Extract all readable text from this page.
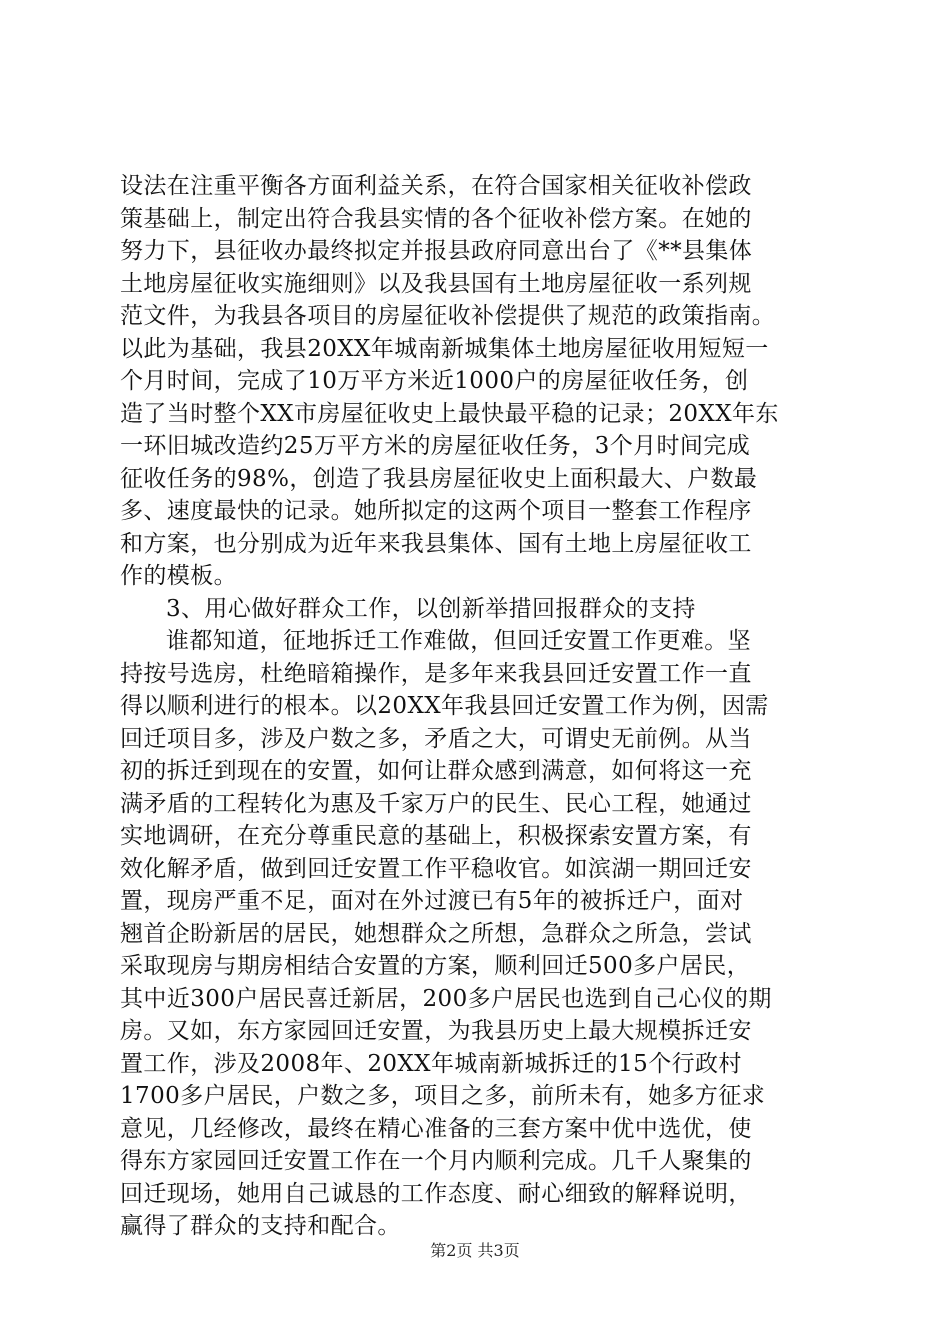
设法在注重平衡各方面利益关系，在符合国家相关征收补偿政
策基础上，制定出符合我县实情的各个征收补偿方案。在她的
努力下，县征收办最终拟定并报县政府同意出台了《**县集体
土地房屋征收实施细则》以及我县国有土地房屋征收一系列规
范文件，为我县各项目的房屋征收补偿提供了规范的政策指南。
以此为基础，我县20XX年城南新城集体土地房屋征收用短短一
个月时间，完成了10万平方米近1000户的房屋征收任务，创
造了当时整个XX市房屋征收史上最快最平稳的记录；20XX年东
一环旧城改造约25万平方米的房屋征收任务，3个月时间完成
征收任务的98%，创造了我县房屋征收史上面积最大、户数最
多、速度最快的记录。她所拟定的这两个项目一整套工作程序
和方案，也分别成为近年来我县集体、国有土地上房屋征收工
作的模板。
3、用心做好群众工作，以创新举措回报群众的支持
谁都知道，征地拆迁工作难做，但回迁安置工作更难。坚
持按号选房，杜绝暗箱操作，是多年来我县回迁安置工作一直
得以顺利进行的根本。以20XX年我县回迁安置工作为例，因需
回迁项目多，涉及户数之多，矛盾之大，可谓史无前例。从当
初的拆迁到现在的安置，如何让群众感到满意，如何将这一充
满矛盾的工程转化为惠及千家万户的民生、民心工程，她通过
实地调研，在充分尊重民意的基础上，积极探索安置方案，有
效化解矛盾，做到回迁安置工作平稳收官。如滨湖一期回迁安
置，现房严重不足，面对在外过渡已有5年的被拆迁户，面对
翘首企盼新居的居民，她想群众之所想，急群众之所急，尝试
采取现房与期房相结合安置的方案，顺利回迁500多户居民，
其中近300户居民喜迁新居，200多户居民也选到自己心仪的期
房。又如，东方家园回迁安置，为我县历史上最大规模拆迁安
置工作，涉及2008年、20XX年城南新城拆迁的15个行政村
1700多户居民，户数之多，项目之多，前所未有，她多方征求
意见，几经修改，最终在精心准备的三套方案中优中选优，使
得东方家园回迁安置工作在一个月内顺利完成。几千人聚集的
回迁现场，她用自己诚恳的工作态度、耐心细致的解释说明，
赢得了群众的支持和配合。
第2页 共3页
